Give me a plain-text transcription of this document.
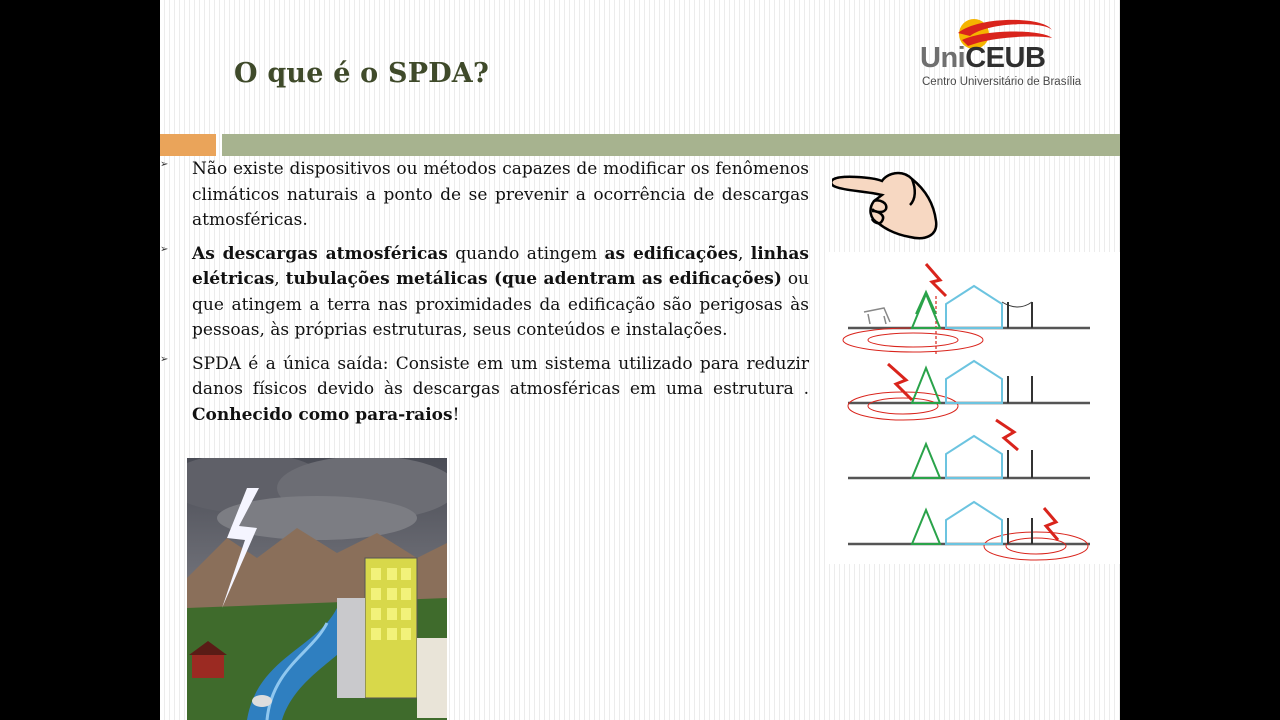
O que é o SPDA?	UniCEUB
Centro Universitário de Brasília
➢ Não existe dispositivos ou métodos capazes de modificar os fenômenos climáticos naturais a ponto de se prevenir a ocorrência de descargas atmosféricas.

➢ As descargas atmosféricas quando atingem as edificações, linhas elétricas, tubulações metálicas (que adentram as edificações) ou que atingem a terra nas proximidades da edificação são perigosas às pessoas, às próprias estruturas, seus conteúdos e instalações.

➢ SPDA é a única saída: Consiste em um sistema utilizado para reduzir danos físicos devido às descargas atmosféricas em uma estrutura . Conhecido como para-raios!
